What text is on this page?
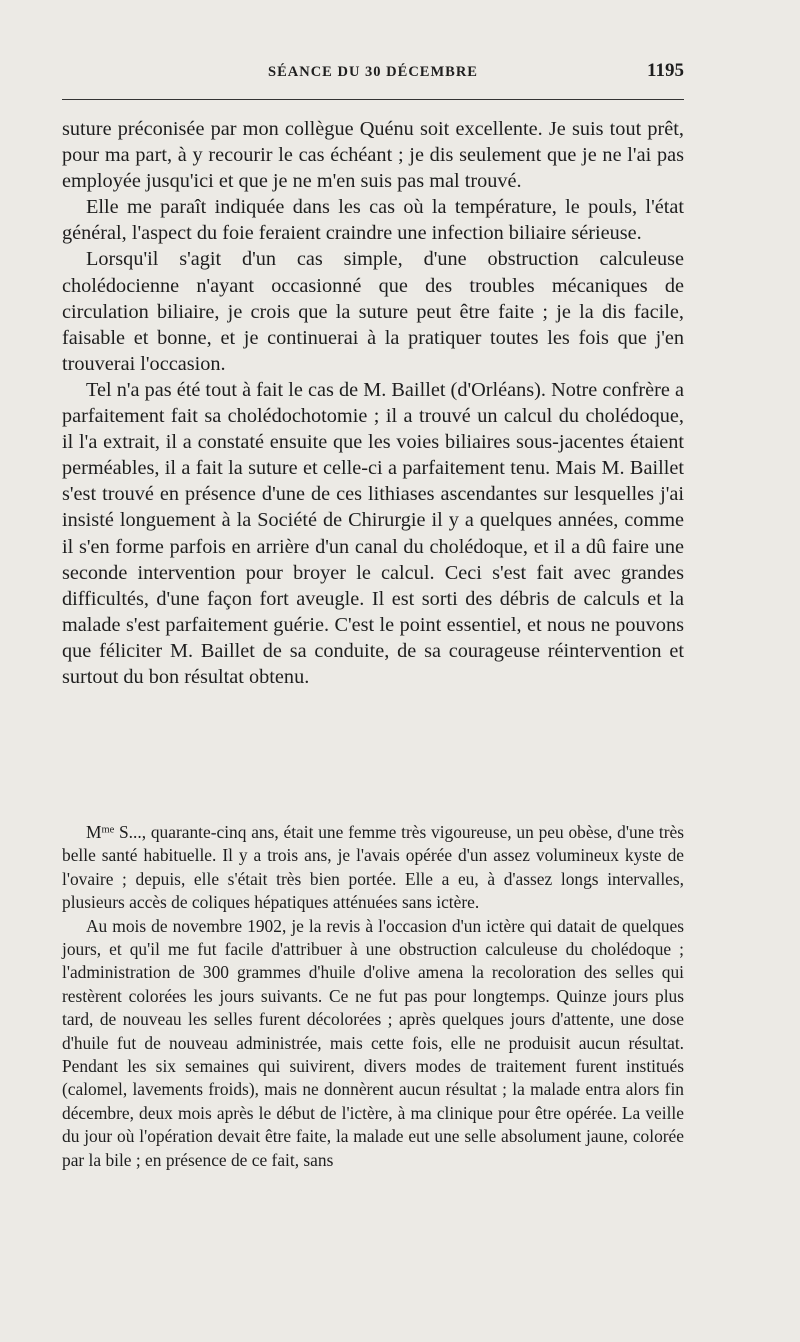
SÉANCE DU 30 DÉCEMBRE	1195

suture préconisée par mon collègue Quénu soit excellente. Je suis tout prêt, pour ma part, à y recourir le cas échéant ; je dis seulement que je ne l'ai pas employée jusqu'ici et que je ne m'en suis pas mal trouvé.

Elle me paraît indiquée dans les cas où la température, le pouls, l'état général, l'aspect du foie feraient craindre une infection biliaire sérieuse.

Lorsqu'il s'agit d'un cas simple, d'une obstruction calculeuse cholédocienne n'ayant occasionné que des troubles mécaniques de circulation biliaire, je crois que la suture peut être faite ; je la dis facile, faisable et bonne, et je continuerai à la pratiquer toutes les fois que j'en trouverai l'occasion.

Tel n'a pas été tout à fait le cas de M. Baillet (d'Orléans). Notre confrère a parfaitement fait sa cholédochotomie ; il a trouvé un calcul du cholédoque, il l'a extrait, il a constaté ensuite que les voies biliaires sous-jacentes étaient perméables, il a fait la suture et celle-ci a parfaitement tenu. Mais M. Baillet s'est trouvé en présence d'une de ces lithiases ascendantes sur lesquelles j'ai insisté longuement à la Société de Chirurgie il y a quelques années, comme il s'en forme parfois en arrière d'un canal du cholédoque, et il a dû faire une seconde intervention pour broyer le calcul. Ceci s'est fait avec grandes difficultés, d'une façon fort aveugle. Il est sorti des débris de calculs et la malade s'est parfaitement guérie. C'est le point essentiel, et nous ne pouvons que féliciter M. Baillet de sa conduite, de sa courageuse réintervention et surtout du bon résultat obtenu.

$M^{me}$ S..., quarante-cinq ans, était une femme très vigoureuse, un peu obèse, d'une très belle santé habituelle. Il y a trois ans, je l'avais opérée d'un assez volumineux kyste de l'ovaire ; depuis, elle s'était très bien portée. Elle a eu, à d'assez longs intervalles, plusieurs accès de coliques hépatiques atténuées sans ictère.

Au mois de novembre 1902, je la revis à l'occasion d'un ictère qui datait de quelques jours, et qu'il me fut facile d'attribuer à une obstruction calculeuse du cholédoque ; l'administration de 300 grammes d'huile d'olive amena la recoloration des selles qui restèrent colorées les jours suivants. Ce ne fut pas pour longtemps. Quinze jours plus tard, de nouveau les selles furent décolorées ; après quelques jours d'attente, une dose d'huile fut de nouveau administrée, mais cette fois, elle ne produisit aucun résultat. Pendant les six semaines qui suivirent, divers modes de traitement furent institués (calomel, lavements froids), mais ne donnèrent aucun résultat ; la malade entra alors fin décembre, deux mois après le début de l'ictère, à ma clinique pour être opérée. La veille du jour où l'opération devait être faite, la malade eut une selle absolument jaune, colorée par la bile ; en présence de ce fait, sans
